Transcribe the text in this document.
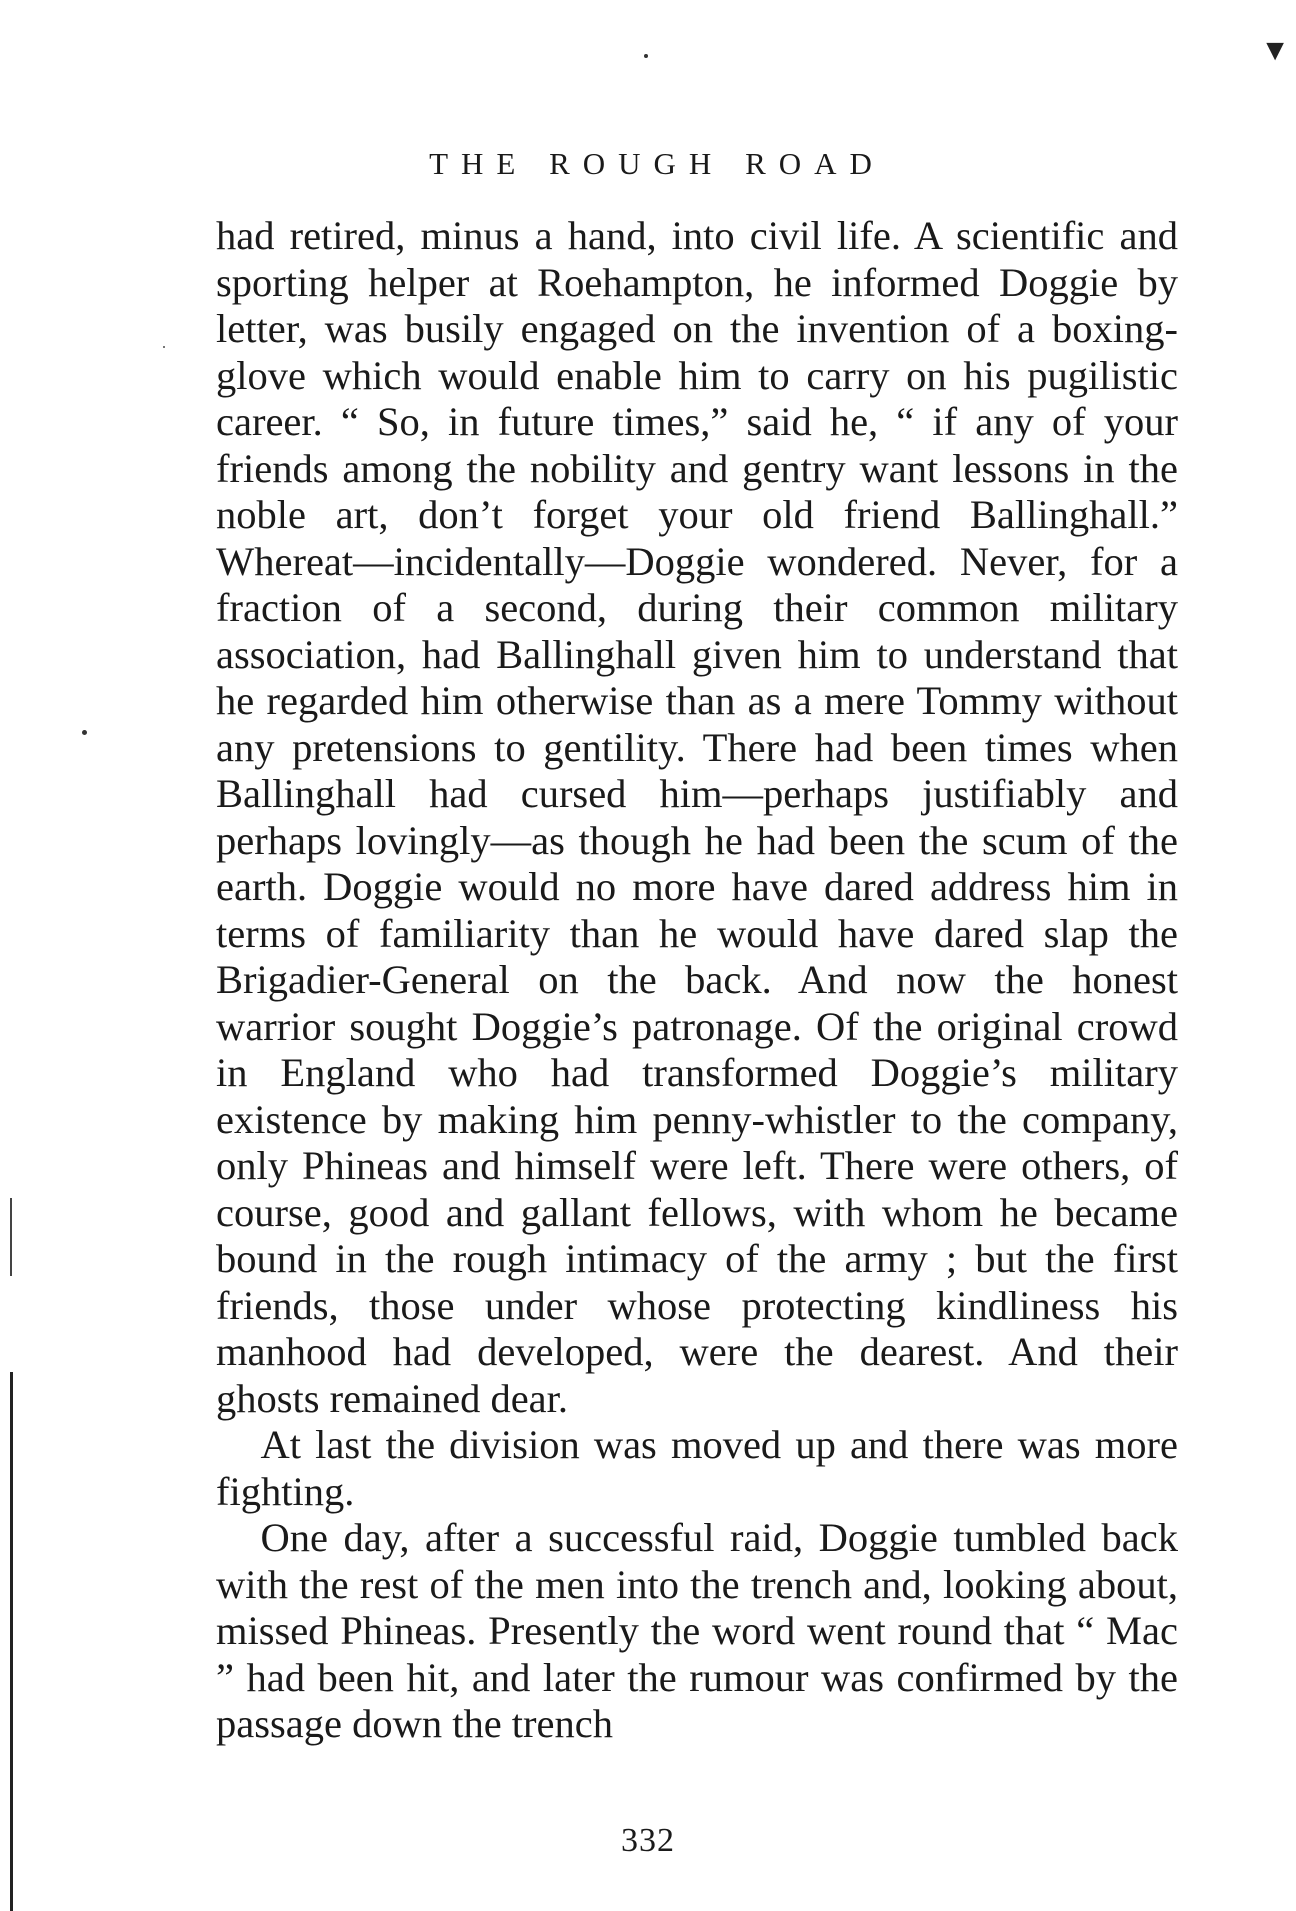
THE ROUGH ROAD

had retired, minus a hand, into civil life. A scientific and sporting helper at Roehampton, he informed Doggie by letter, was busily engaged on the invention of a boxing-glove which would enable him to carry on his pugilistic career. “ So, in future times,” said he, “ if any of your friends among the nobility and gentry want lessons in the noble art, don’t forget your old friend Ballinghall.” Whereat—incidentally—Doggie wondered. Never, for a fraction of a second, during their common military association, had Ballinghall given him to understand that he regarded him otherwise than as a mere Tommy without any pretensions to gentility. There had been times when Ballinghall had cursed him—perhaps justifiably and perhaps lovingly—as though he had been the scum of the earth. Doggie would no more have dared address him in terms of familiarity than he would have dared slap the Brigadier-General on the back. And now the honest warrior sought Doggie’s patronage. Of the original crowd in England who had transformed Doggie’s military existence by making him penny-whistler to the company, only Phineas and himself were left. There were others, of course, good and gallant fellows, with whom he became bound in the rough intimacy of the army ; but the first friends, those under whose protecting kindliness his manhood had developed, were the dearest. And their ghosts remained dear.

At last the division was moved up and there was more fighting.

One day, after a successful raid, Doggie tumbled back with the rest of the men into the trench and, looking about, missed Phineas. Presently the word went round that “ Mac ” had been hit, and later the rumour was confirmed by the passage down the trench

332
▼
